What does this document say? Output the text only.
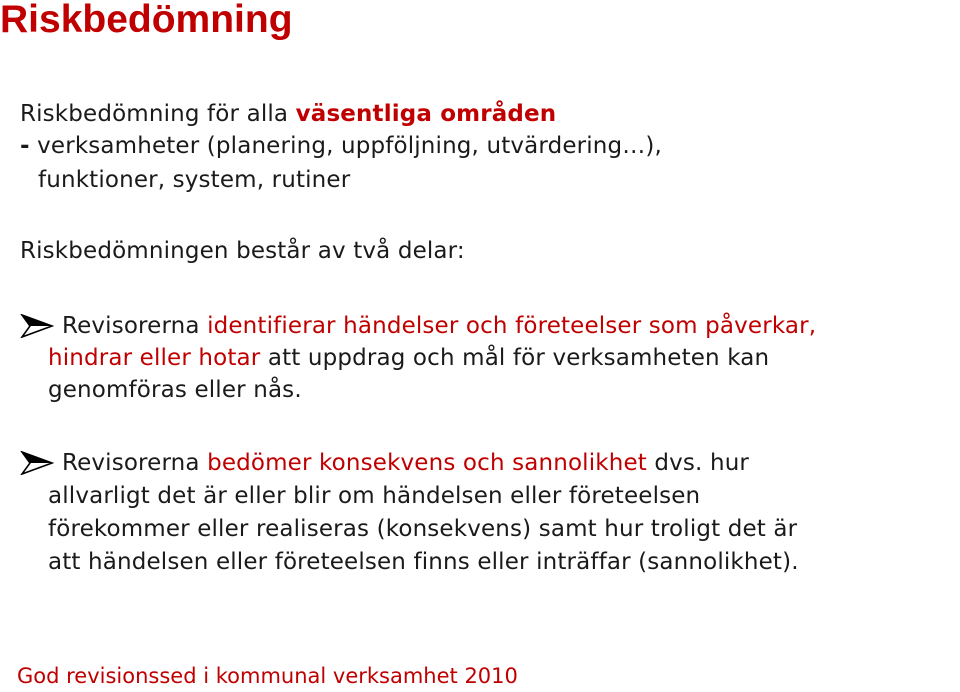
Riskbedömning
Riskbedömning för alla väsentliga områden
- verksamheter (planering, uppföljning, utvärdering…),
funktioner, system, rutiner
Riskbedömningen består av två delar:
Revisorerna identifierar händelser och företeelser som påverkar,
hindrar eller hotar att uppdrag och mål för verksamheten kan
genomföras eller nås.
Revisorerna bedömer konsekvens och sannolikhet dvs. hur
allvarligt det är eller blir om händelsen eller företeelsen
förekommer eller realiseras (konsekvens) samt hur troligt det är
att händelsen eller företeelsen finns eller inträffar (sannolikhet).
God revisionssed i kommunal verksamhet 2010
